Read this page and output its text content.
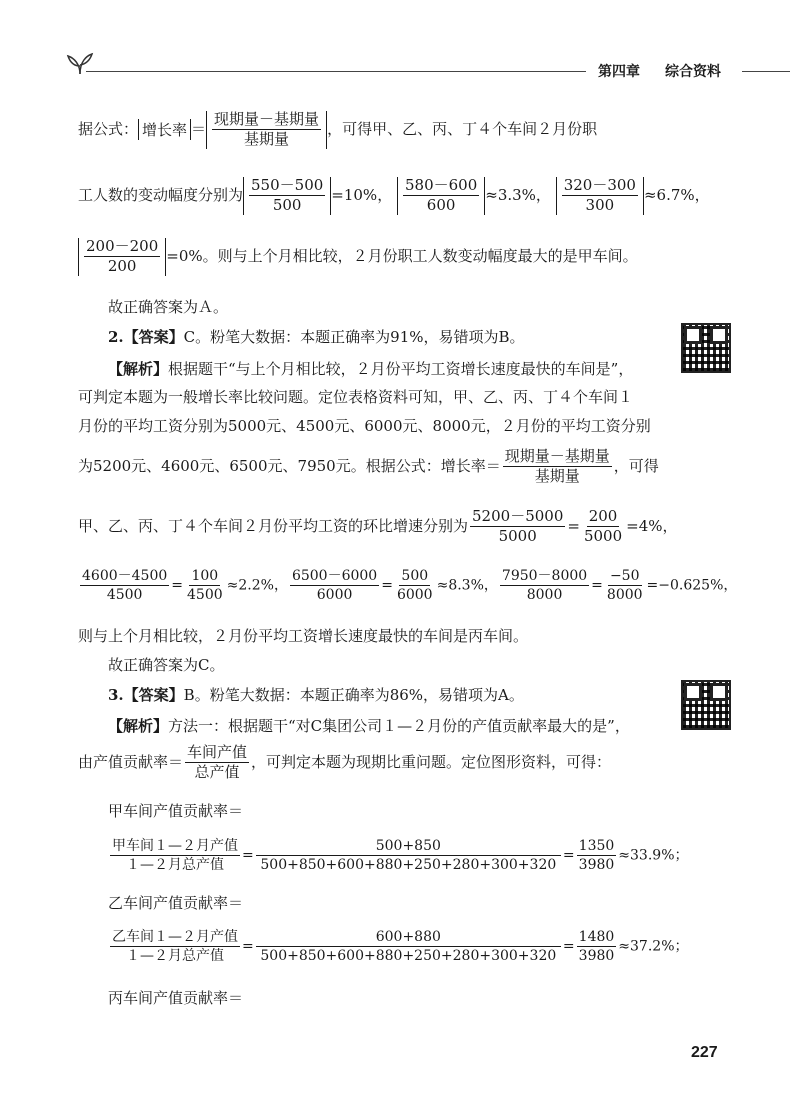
第四章 综合资料
据公式： 增长率 ＝ $\frac{\text{现期量－基期量}}{\text{基期量}}$ ，可得甲、乙、丙、丁４个车间２月份职
工人数的变动幅度分别为 $\frac{550-500}{500} =10\%$， $\frac{580-600}{600} \approx 3.3\%$， $\frac{320-300}{300} \approx 6.7\%$，
$\frac{200-200}{200} =0\%$。则与上个月相比较，２月份职工人数变动幅度最大的是甲车间。
故正确答案为Ａ。
2.【答案】C。粉笔大数据：本题正确率为91%，易错项为B。
【解析】根据题干“与上个月相比较，２月份平均工资增长速度最快的车间是”，
可判定本题为一般增长率比较问题。定位表格资料可知，甲、乙、丙、丁４个车间１
月份的平均工资分别为5000元、4500元、6000元、8000元，２月份的平均工资分别
为5200元、4600元、6500元、7950元。根据公式：增长率＝ $\frac{\text{现期量－基期量}}{\text{基期量}}$ ，可得
甲、乙、丙、丁４个车间２月份平均工资的环比增速分别为 $\frac{5200-5000}{5000} = \frac{200}{5000} =4\%$，
$\frac{4600-4500}{4500} = \frac{100}{4500} \approx 2.2\%$， $\frac{6500-6000}{6000} = \frac{500}{6000} \approx 8.3\%$， $\frac{7950-8000}{8000} = \frac{-50}{8000} =-0.625\%$，
则与上个月相比较，２月份平均工资增长速度最快的车间是丙车间。
故正确答案为C。
3.【答案】B。粉笔大数据：本题正确率为86%，易错项为A。
【解析】方法一：根据题干“对C集团公司１—２月份的产值贡献率最大的是”，
由产值贡献率＝ $\frac{\text{车间产值}}{\text{总产值}}$ ，可判定本题为现期比重问题。定位图形资料，可得：
甲车间产值贡献率＝
$\frac{\text{甲车间１—２月产值}}{\text{１—２月总产值}} = \frac{500+850}{500+850+600+880+250+280+300+320} = \frac{1350}{3980} \approx 33.9\%$；
乙车间产值贡献率＝
$\frac{\text{乙车间１—２月产值}}{\text{１—２月总产值}} = \frac{600+880}{500+850+600+880+250+280+300+320} = \frac{1480}{3980} \approx 37.2\%$；
丙车间产值贡献率＝
227
